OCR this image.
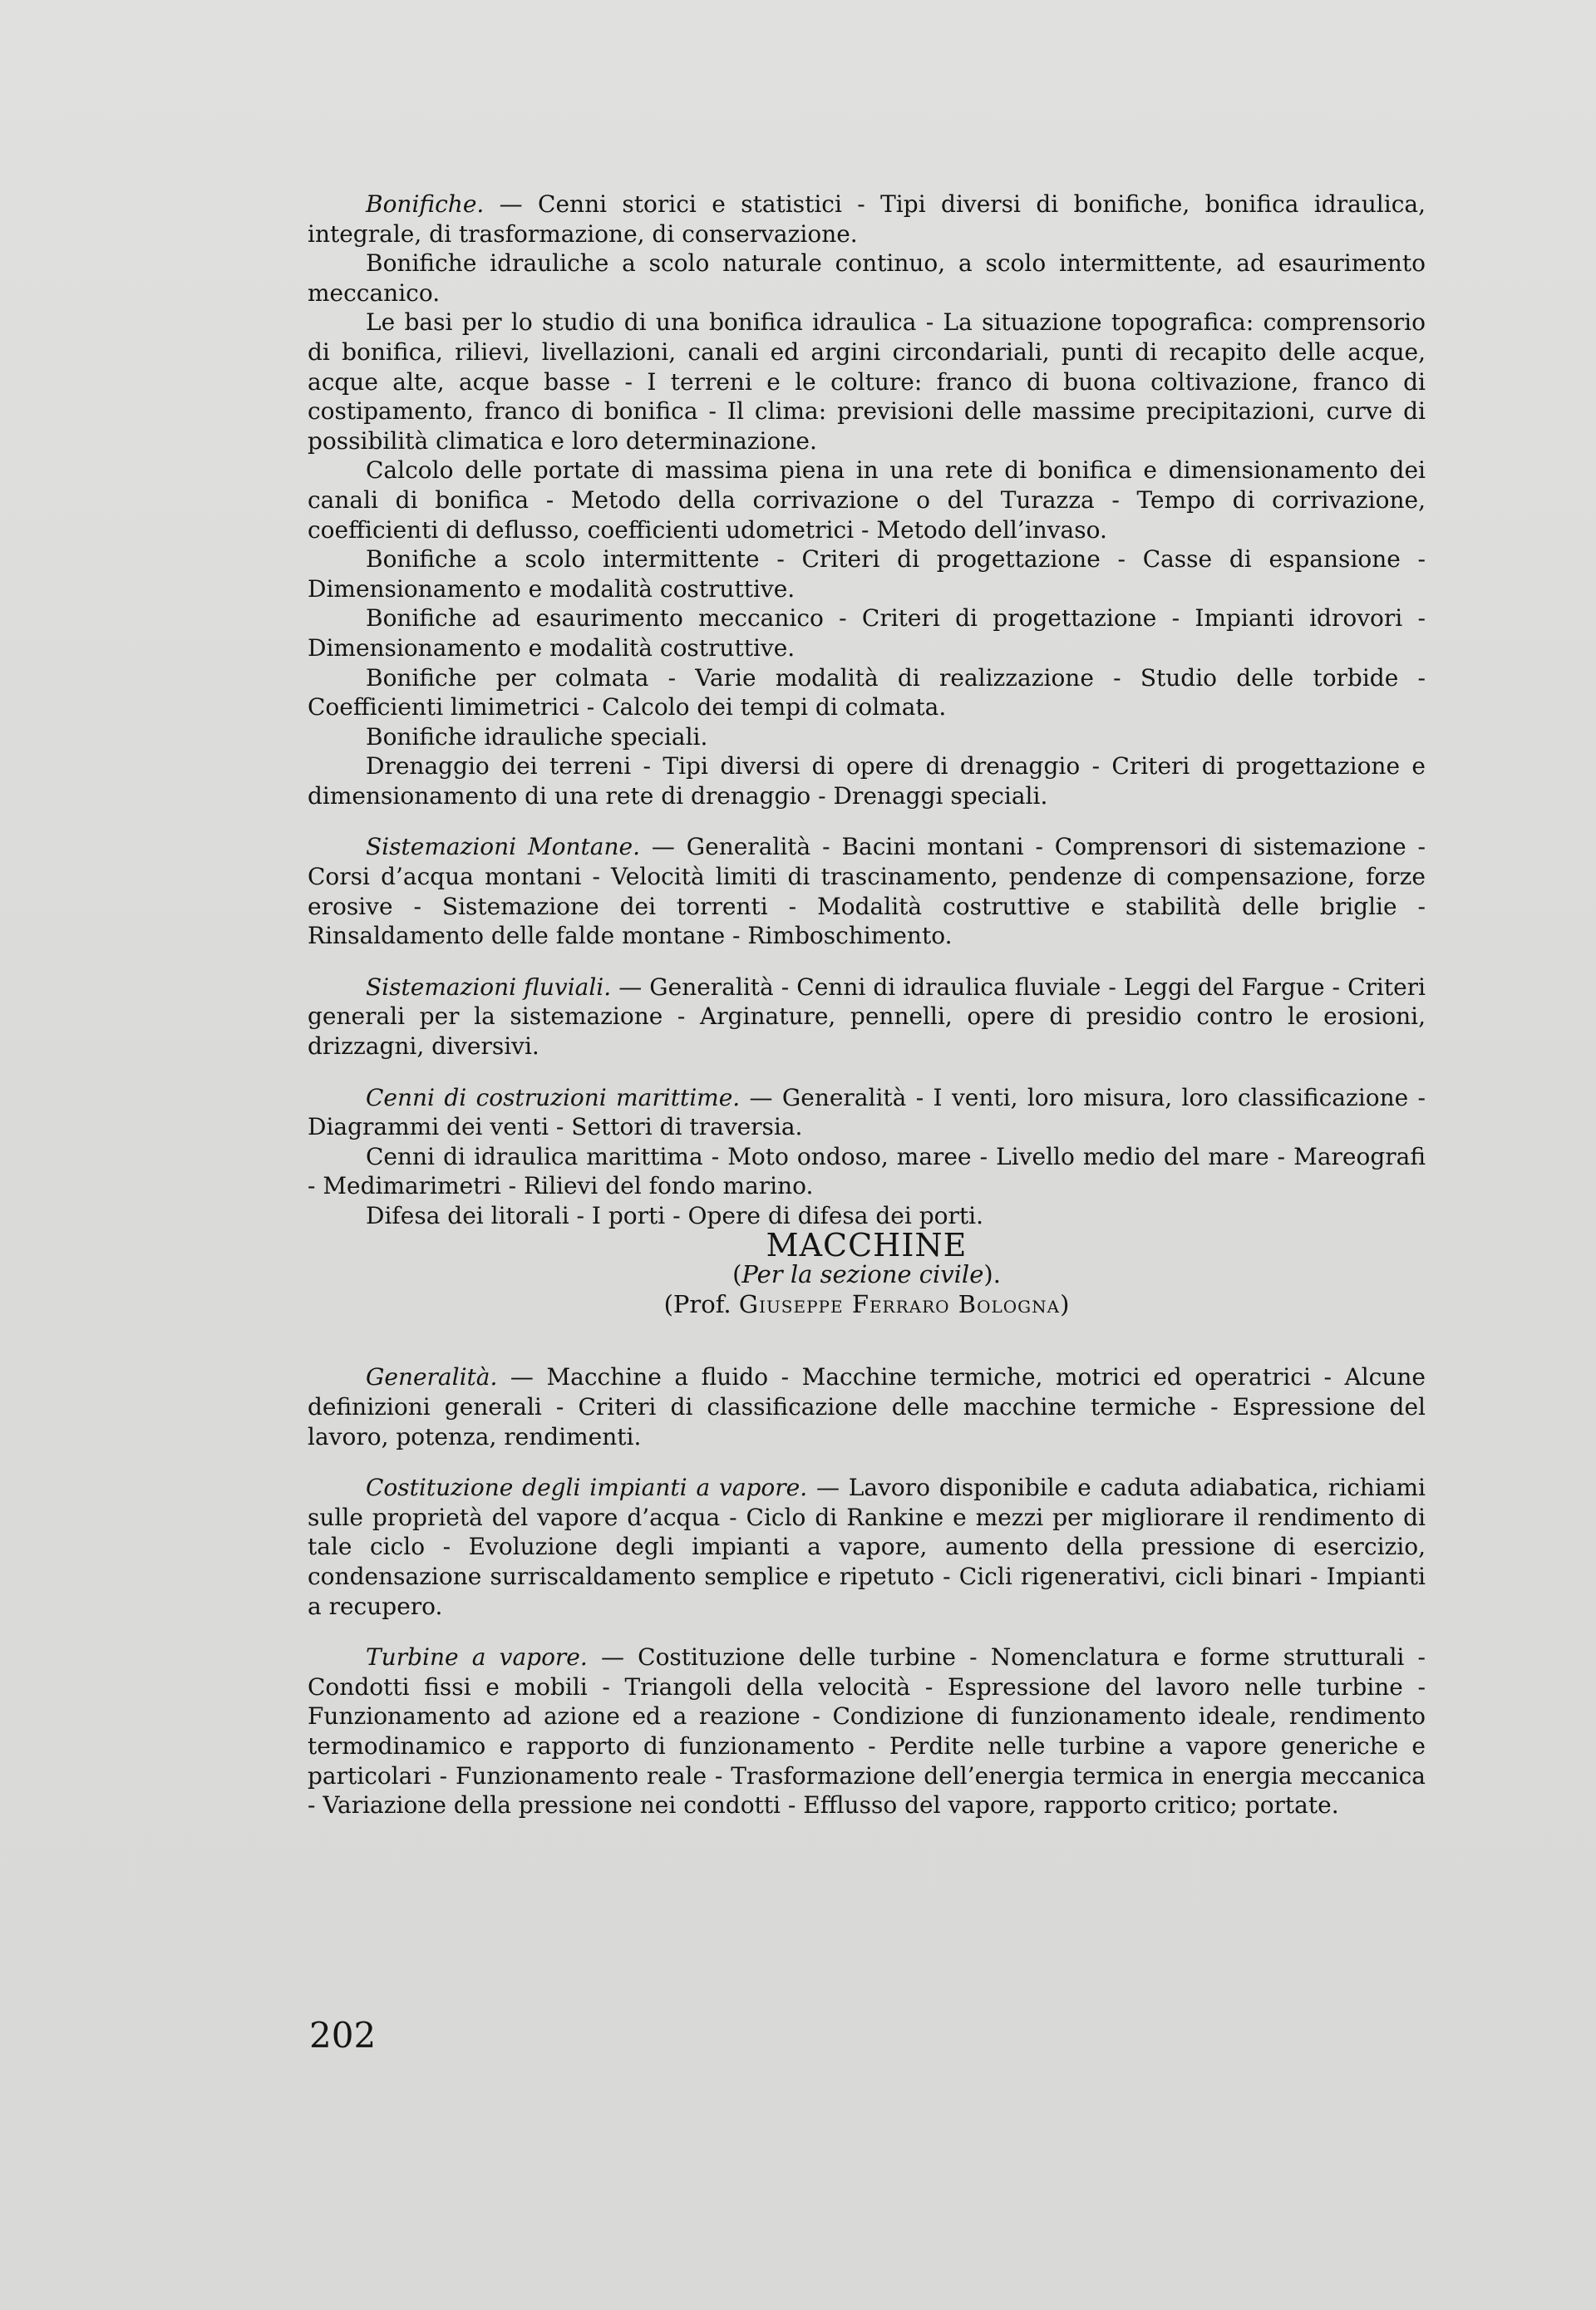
Bonifiche. — Cenni storici e statistici - Tipi diversi di bonifiche, bonifica idraulica, integrale, di trasformazione, di conservazione.

Bonifiche idrauliche a scolo naturale continuo, a scolo intermittente, ad esaurimento meccanico.

Le basi per lo studio di una bonifica idraulica - La situazione topografica: comprensorio di bonifica, rilievi, livellazioni, canali ed argini circondariali, punti di recapito delle acque, acque alte, acque basse - I terreni e le colture: franco di buona coltivazione, franco di costipamento, franco di bonifica - Il clima: previsioni delle massime precipitazioni, curve di possibilità climatica e loro determinazione.

Calcolo delle portate di massima piena in una rete di bonifica e dimensionamento dei canali di bonifica - Metodo della corrivazione o del Turazza - Tempo di corrivazione, coefficienti di deflusso, coefficienti udometrici - Metodo dell’invaso.

Bonifiche a scolo intermittente - Criteri di progettazione - Casse di espansione - Dimensionamento e modalità costruttive.

Bonifiche ad esaurimento meccanico - Criteri di progettazione - Impianti idrovori - Dimensionamento e modalità costruttive.

Bonifiche per colmata - Varie modalità di realizzazione - Studio delle torbide - Coefficienti limimetrici - Calcolo dei tempi di colmata.

Bonifiche idrauliche speciali.

Drenaggio dei terreni - Tipi diversi di opere di drenaggio - Criteri di progettazione e dimensionamento di una rete di drenaggio - Drenaggi speciali.

Sistemazioni Montane. — Generalità - Bacini montani - Comprensori di sistemazione - Corsi d’acqua montani - Velocità limiti di trascinamento, pendenze di compensazione, forze erosive - Sistemazione dei torrenti - Modalità costruttive e stabilità delle briglie - Rinsaldamento delle falde montane - Rimboschimento.

Sistemazioni fluviali. — Generalità - Cenni di idraulica fluviale - Leggi del Fargue - Criteri generali per la sistemazione - Arginature, pennelli, opere di presidio contro le erosioni, drizzagni, diversivi.

Cenni di costruzioni marittime. — Generalità - I venti, loro misura, loro classificazione - Diagrammi dei venti - Settori di traversia.

Cenni di idraulica marittima - Moto ondoso, maree - Livello medio del mare - Mareografi - Medimarimetri - Rilievi del fondo marino.

Difesa dei litorali - I porti - Opere di difesa dei porti.

MACCHINE

(Per la sezione civile).

(Prof. Giuseppe Ferraro Bologna)

Generalità. — Macchine a fluido - Macchine termiche, motrici ed operatrici - Alcune definizioni generali - Criteri di classificazione delle macchine termiche - Espressione del lavoro, potenza, rendimenti.

Costituzione degli impianti a vapore. — Lavoro disponibile e caduta adiabatica, richiami sulle proprietà del vapore d’acqua - Ciclo di Rankine e mezzi per migliorare il rendimento di tale ciclo - Evoluzione degli impianti a vapore, aumento della pressione di esercizio, condensazione surriscaldamento semplice e ripetuto - Cicli rigenerativi, cicli binari - Impianti a recupero.

Turbine a vapore. — Costituzione delle turbine - Nomenclatura e forme strutturali - Condotti fissi e mobili - Triangoli della velocità - Espressione del lavoro nelle turbine - Funzionamento ad azione ed a reazione - Condizione di funzionamento ideale, rendimento termodinamico e rapporto di funzionamento - Perdite nelle turbine a vapore generiche e particolari - Funzionamento reale - Trasformazione dell’energia termica in energia meccanica - Variazione della pressione nei condotti - Efflusso del vapore, rapporto critico; portate.

202
